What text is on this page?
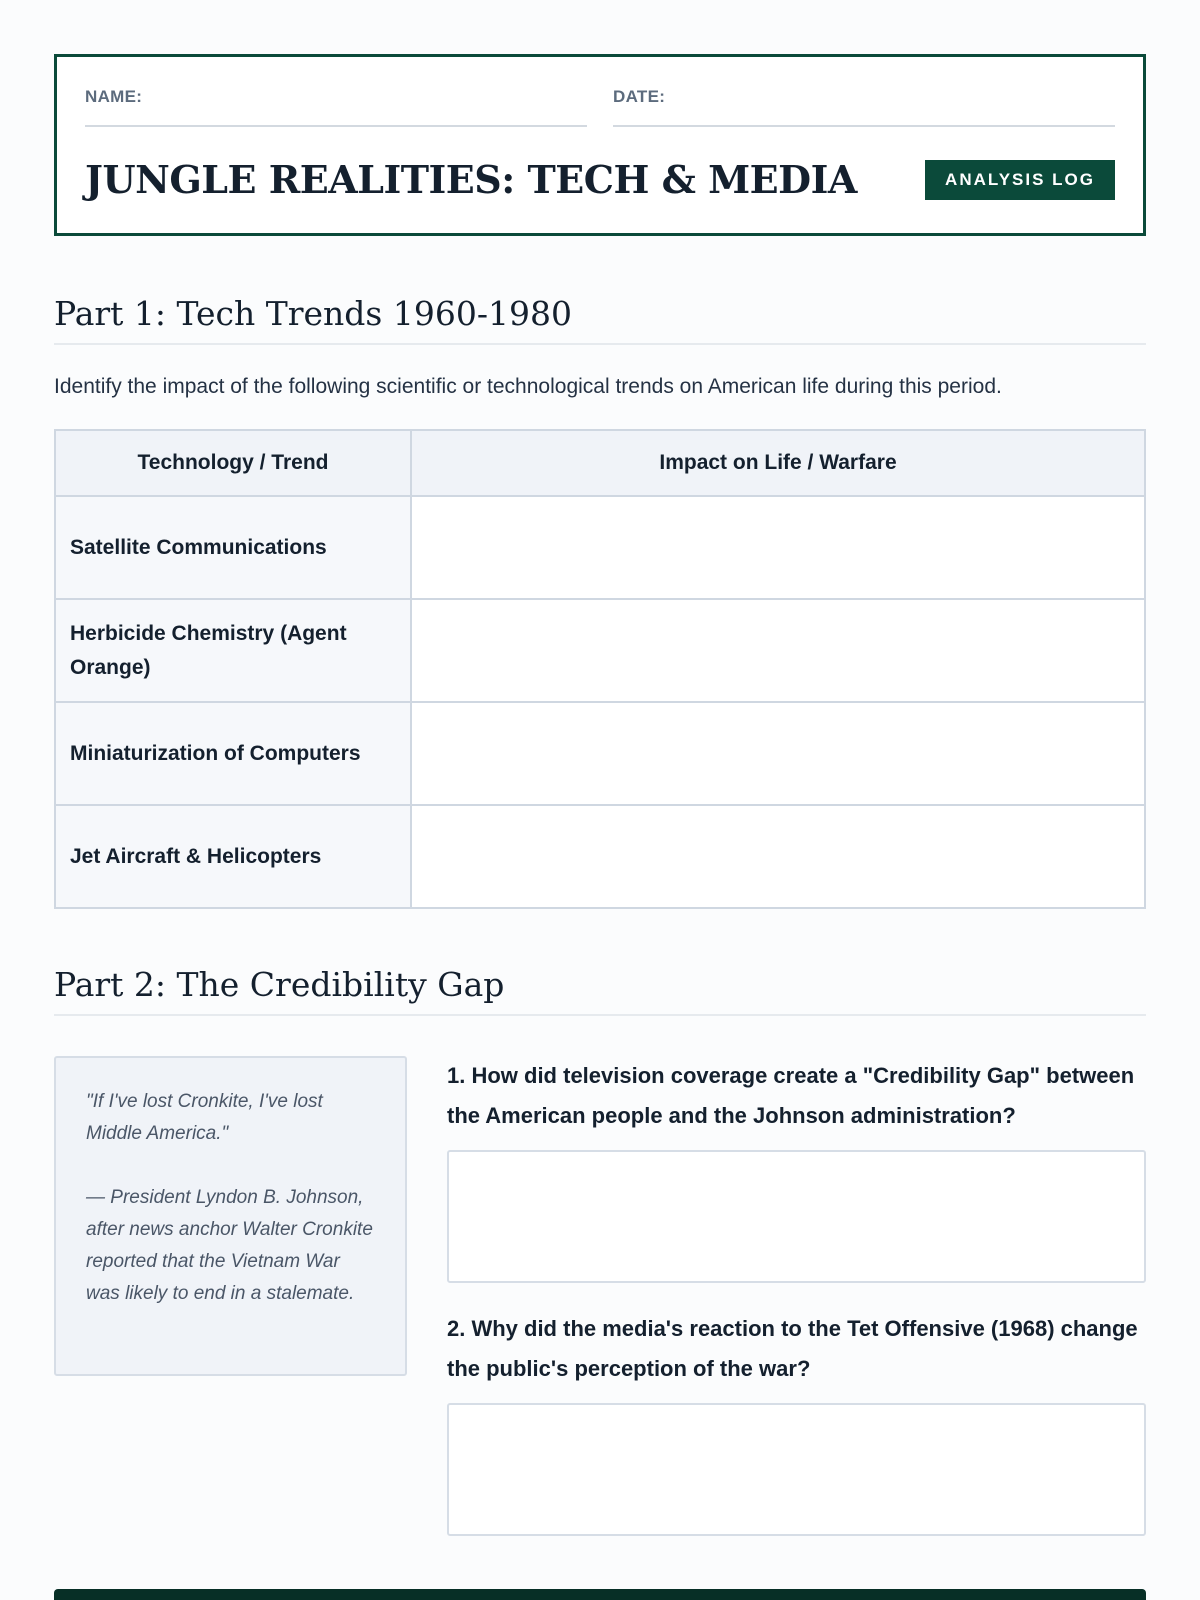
NAME:	DATE:
JUNGLE REALITIES: TECH & MEDIA	ANALYSIS LOG
Part 1: Tech Trends 1960-1980

Identify the impact of the following scientific or technological trends on American life during this period.

Technology / Trend	Impact on Life / Warfare
Satellite Communications	
Herbicide Chemistry (Agent Orange)	
Miniaturization of Computers	
Jet Aircraft & Helicopters	
Part 2: The Credibility Gap
"If I've lost Cronkite, I've lost Middle America."
— President Lyndon B. Johnson, after news anchor Walter Cronkite reported that the Vietnam War was likely to end in a stalemate.

1. How did television coverage create a "Credibility Gap" between the American people and the Johnson administration?

2. Why did the media's reaction to the Tet Offensive (1968) change the public's perception of the war?
